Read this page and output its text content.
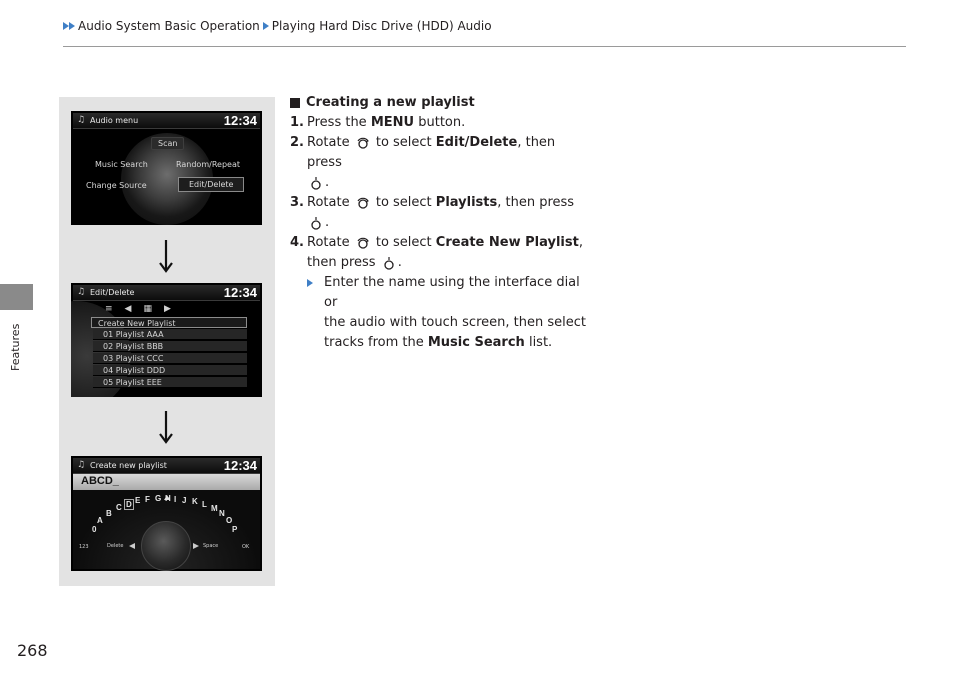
Audio System Basic Operation Playing Hard Disc Drive (HDD) Audio
Features
268
♫ Audio menu	12:34
Scan
Music Search	Random/Repeat
Change Source	Edit/Delete
♫ Edit/Delete	12:34
≡ ◀ ▦ ▶
Create New Playlist
01 Playlist AAA
02 Playlist BBB
03 Playlist CCC
04 Playlist DDD
05 Playlist EEE
♫ Create new playlist	12:34
ABCD_
0
A
B
C D E F G H I J K L M
N
O
P
123	Delete	Space	OK
Creating a new playlist
1. Press the MENU button.
2. Rotate to select Edit/Delete, then press
.
3. Rotate to select Playlists, then press
.
4. Rotate to select Create New Playlist,
then press .
Enter the name using the interface dial or
the audio with touch screen, then select
tracks from the Music Search list.
